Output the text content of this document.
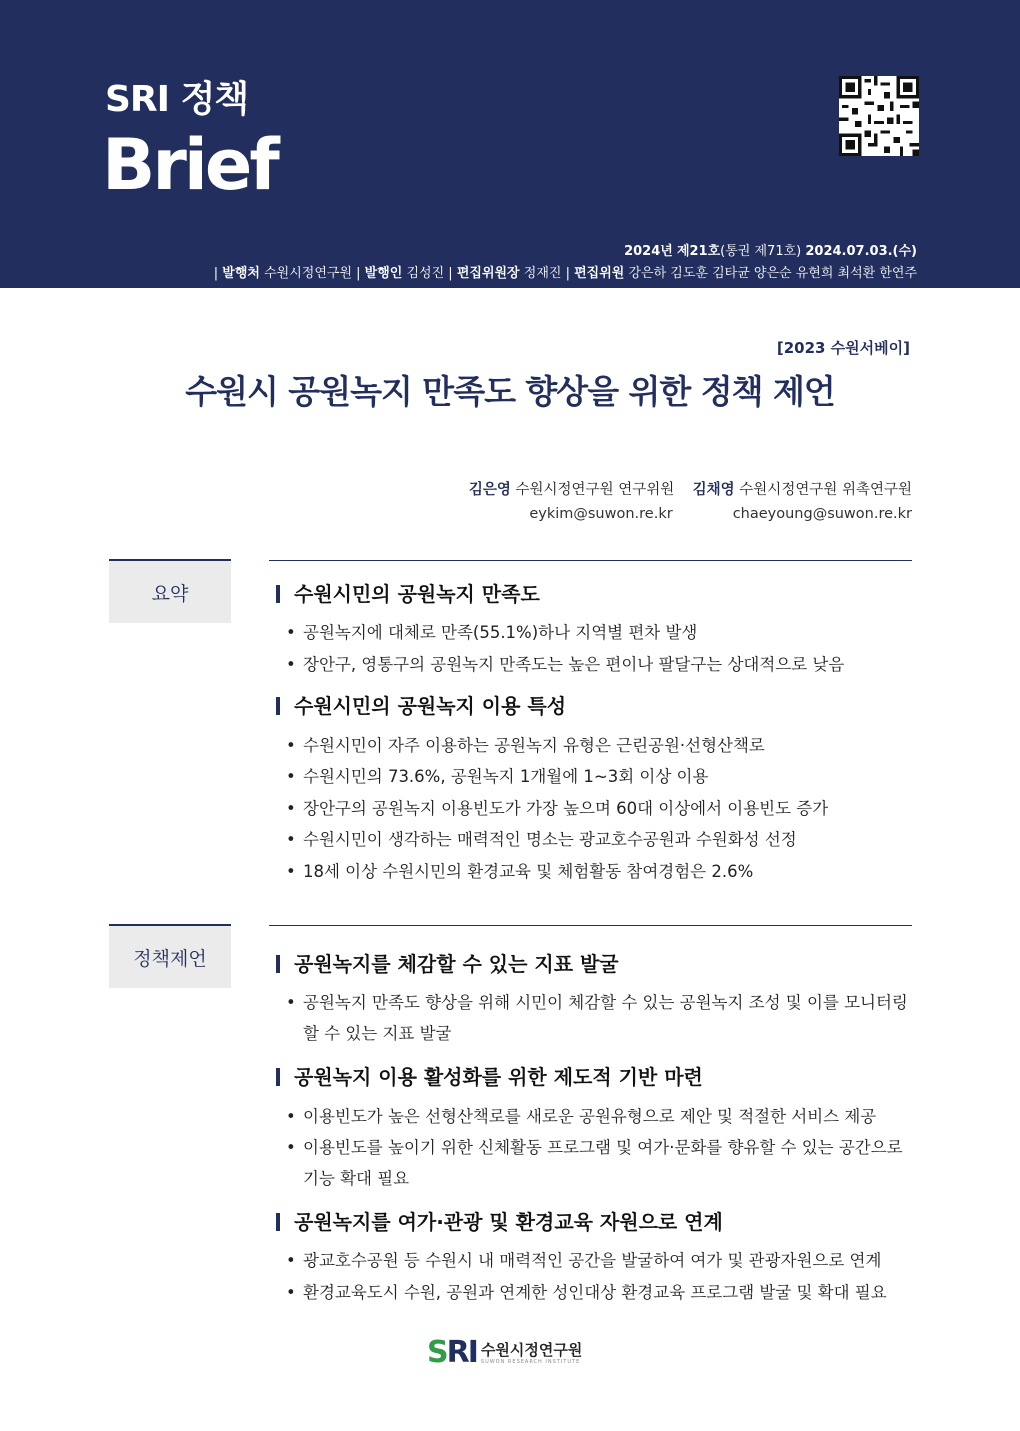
SRI 정책
Brief
2024년 제21호(통권 제71호) 2024.07.03.(수)
| 발행처 수원시정연구원 | 발행인 김성진 | 편집위원장 정재진 | 편집위원 강은하 김도훈 김타균 양은순 유현희 최석환 한연주
[2023 수원서베이]
수원시 공원녹지 만족도 향상을 위한 정책 제언
김은영 수원시정연구원 연구위원 김채영 수원시정연구원 위촉연구원
eykim@suwon.re.kr	chaeyoung@suwon.re.kr
요약	수원시민의 공원녹지 만족도
• 공원녹지에 대체로 만족(55.1%)하나 지역별 편차 발생
• 장안구, 영통구의 공원녹지 만족도는 높은 편이나 팔달구는 상대적으로 낮음
수원시민의 공원녹지 이용 특성
• 수원시민이 자주 이용하는 공원녹지 유형은 근린공원·선형산책로
• 수원시민의 73.6%, 공원녹지 1개월에 1~3회 이상 이용
• 장안구의 공원녹지 이용빈도가 가장 높으며 60대 이상에서 이용빈도 증가
• 수원시민이 생각하는 매력적인 명소는 광교호수공원과 수원화성 선정
• 18세 이상 수원시민의 환경교육 및 체험활동 참여경험은 2.6%
정책제언	공원녹지를 체감할 수 있는 지표 발굴
• 공원녹지 만족도 향상을 위해 시민이 체감할 수 있는 공원녹지 조성 및 이를 모니터링 할 수 있는 지표 발굴
공원녹지 이용 활성화를 위한 제도적 기반 마련
• 이용빈도가 높은 선형산책로를 새로운 공원유형으로 제안 및 적절한 서비스 제공
• 이용빈도를 높이기 위한 신체활동 프로그램 및 여가·문화를 향유할 수 있는 공간으로 기능 확대 필요
공원녹지를 여가·관광 및 환경교육 자원으로 연계
• 광교호수공원 등 수원시 내 매력적인 공간을 발굴하여 여가 및 관광자원으로 연계
• 환경교육도시 수원, 공원과 연계한 성인대상 환경교육 프로그램 발굴 및 확대 필요
SRI 수원시정연구원
SUWON RESEARCH INSTITUTE
